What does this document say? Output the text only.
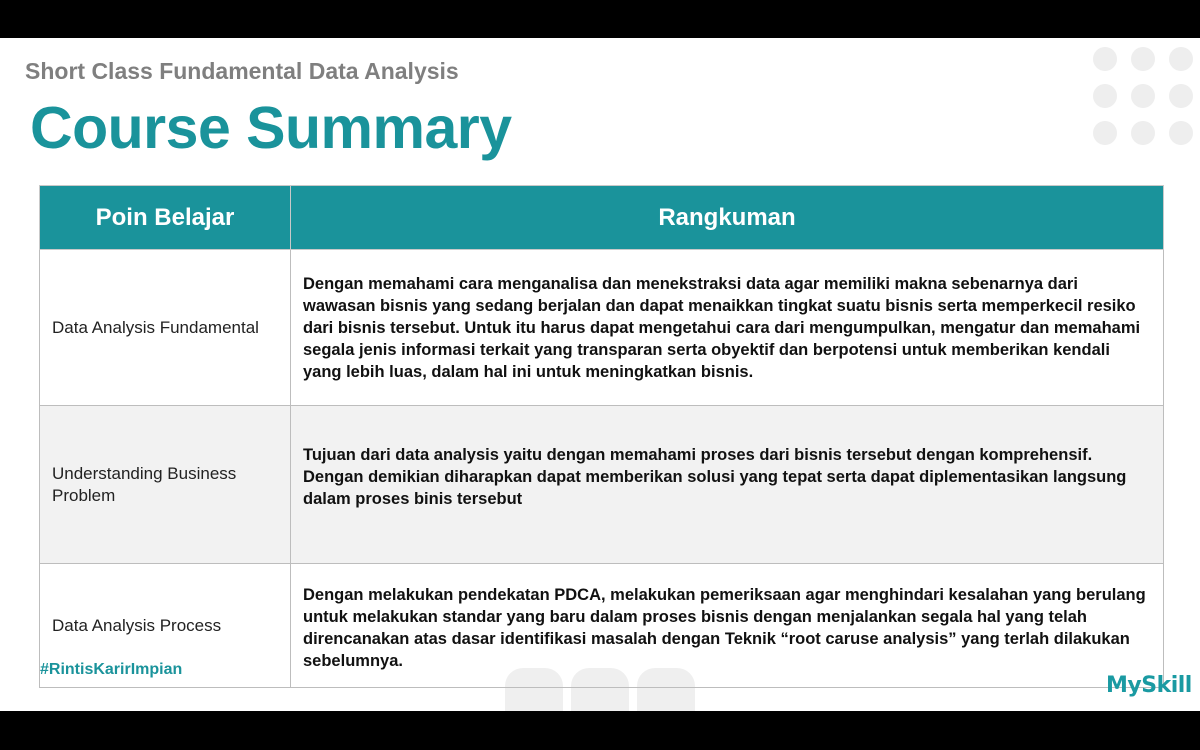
Short Class Fundamental Data Analysis
Course Summary
Poin Belajar	Rangkuman
Data Analysis Fundamental	Dengan memahami cara menganalisa dan menekstraksi data agar memiliki makna sebenarnya dari wawasan bisnis yang sedang berjalan dan dapat menaikkan tingkat suatu bisnis serta memperkecil resiko dari bisnis tersebut. Untuk itu harus dapat mengetahui cara dari mengumpulkan, mengatur dan memahami segala jenis informasi terkait yang transparan serta obyektif dan berpotensi untuk memberikan kendali yang lebih luas, dalam hal ini untuk meningkatkan bisnis.
Understanding Business Problem	Tujuan dari data analysis yaitu dengan memahami proses dari bisnis tersebut dengan komprehensif. Dengan demikian diharapkan dapat memberikan solusi yang tepat serta dapat diplementasikan langsung dalam proses binis tersebut
Data Analysis Process	Dengan melakukan pendekatan PDCA, melakukan pemeriksaan agar menghindari kesalahan yang berulang untuk melakukan standar yang baru dalam proses bisnis dengan menjalankan segala hal yang telah direncanakan atas dasar identifikasi masalah dengan Teknik “root caruse analysis” yang terlah dilakukan sebelumnya.
#RintisKarirImpian
MySkill
